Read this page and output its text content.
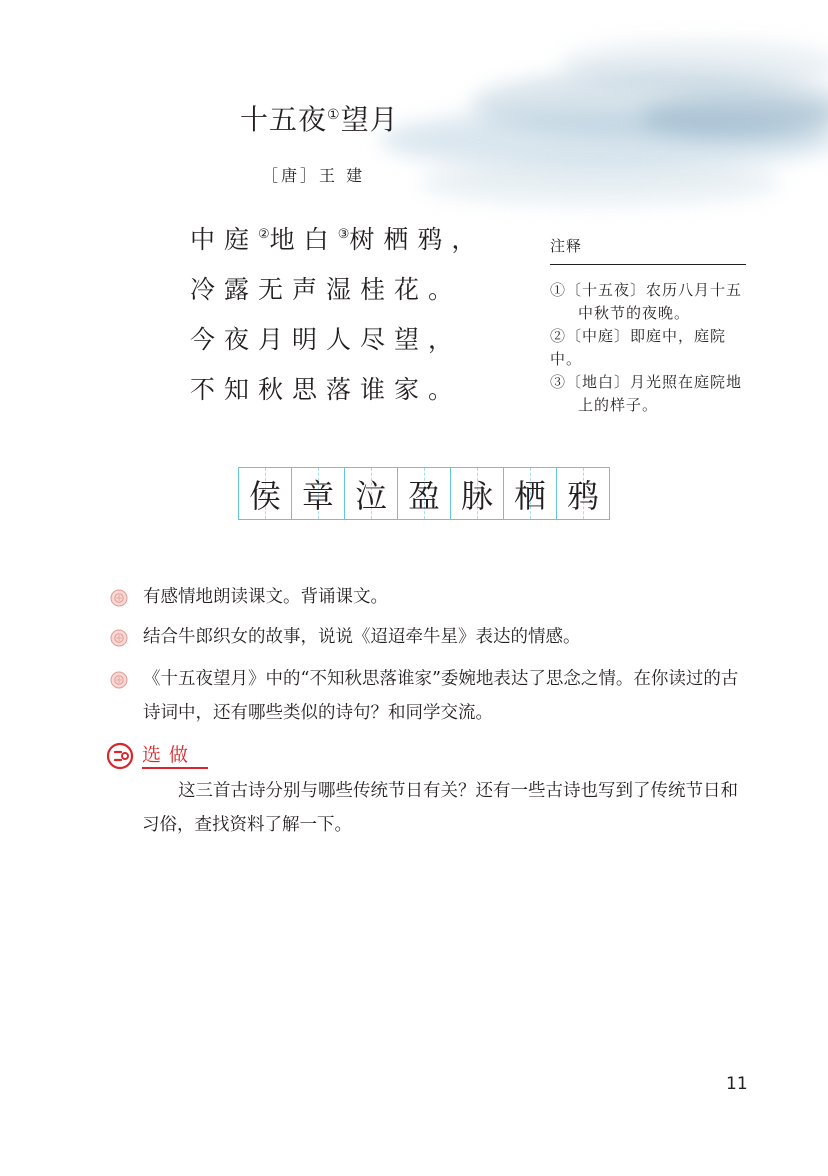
十五夜①望月
［唐］王 建
中庭②地白③树栖鸦，
冷露无声湿桂花。
今夜月明人尽望，
不知秋思落谁家。
注释
①〔十五夜〕农历八月十五
中秋节的夜晚。
②〔中庭〕即庭中，庭院中。
③〔地白〕月光照在庭院地
上的样子。
侯 章 泣 盈 脉 栖 鸦
有感情地朗读课文。背诵课文。
结合牛郎织女的故事，说说《迢迢牵牛星》表达的情感。
《十五夜望月》中的“不知秋思落谁家”委婉地表达了思念之情。在你读过的古诗词中，还有哪些类似的诗句？和同学交流。
选做
这三首古诗分别与哪些传统节日有关？还有一些古诗也写到了传统节日和习俗，查找资料了解一下。
11
